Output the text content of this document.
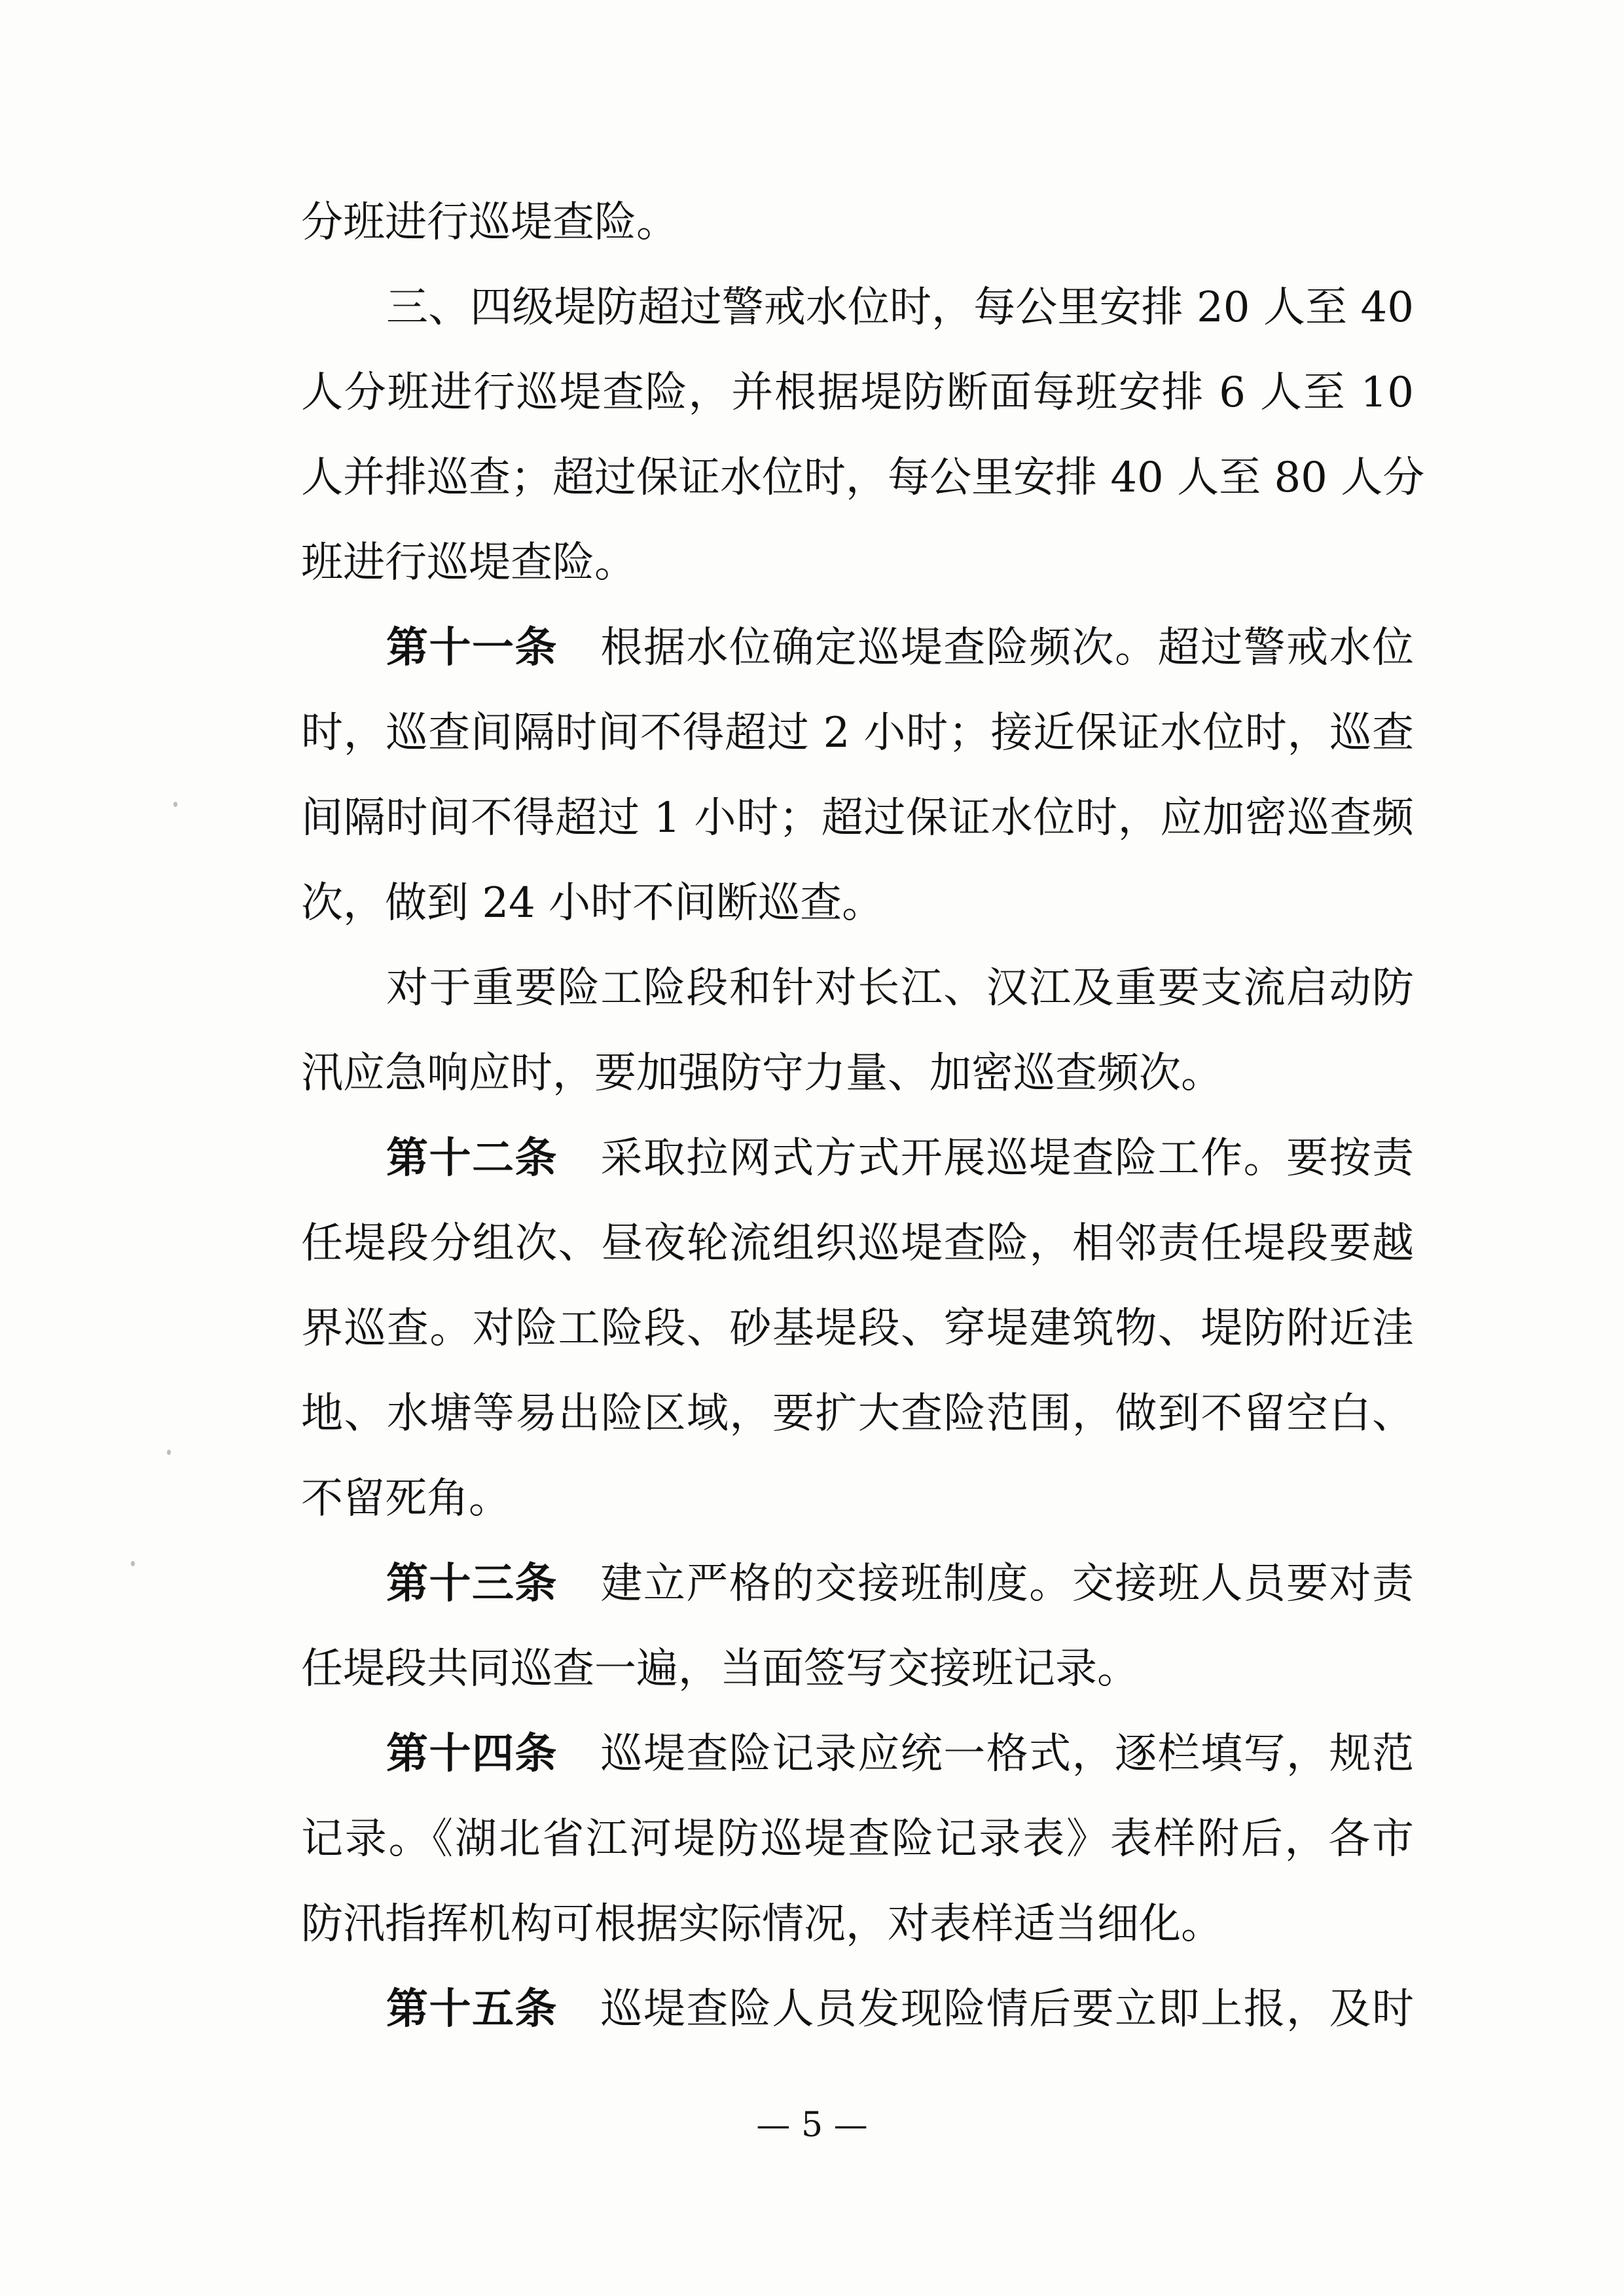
分班进行巡堤查险。
三、四级堤防超过警戒水位时，每公里安排 20 人至 40
人分班进行巡堤查险，并根据堤防断面每班安排 6 人至 10
人并排巡查；超过保证水位时，每公里安排 40 人至 80 人分
班进行巡堤查险。
第十一条 根据水位确定巡堤查险频次。超过警戒水位
时，巡查间隔时间不得超过 2 小时；接近保证水位时，巡查
间隔时间不得超过 1 小时；超过保证水位时，应加密巡查频
次，做到 24 小时不间断巡查。
对于重要险工险段和针对长江、汉江及重要支流启动防
汛应急响应时，要加强防守力量、加密巡查频次。
第十二条 采取拉网式方式开展巡堤查险工作。要按责
任堤段分组次、昼夜轮流组织巡堤查险，相邻责任堤段要越
界巡查。对险工险段、砂基堤段、穿堤建筑物、堤防附近洼
地、水塘等易出险区域，要扩大查险范围，做到不留空白、
不留死角。
第十三条 建立严格的交接班制度。交接班人员要对责
任堤段共同巡查一遍，当面签写交接班记录。
第十四条 巡堤查险记录应统一格式，逐栏填写，规范
记录。《湖北省江河堤防巡堤查险记录表》表样附后，各市
防汛指挥机构可根据实际情况，对表样适当细化。
第十五条 巡堤查险人员发现险情后要立即上报，及时
— 5 —
